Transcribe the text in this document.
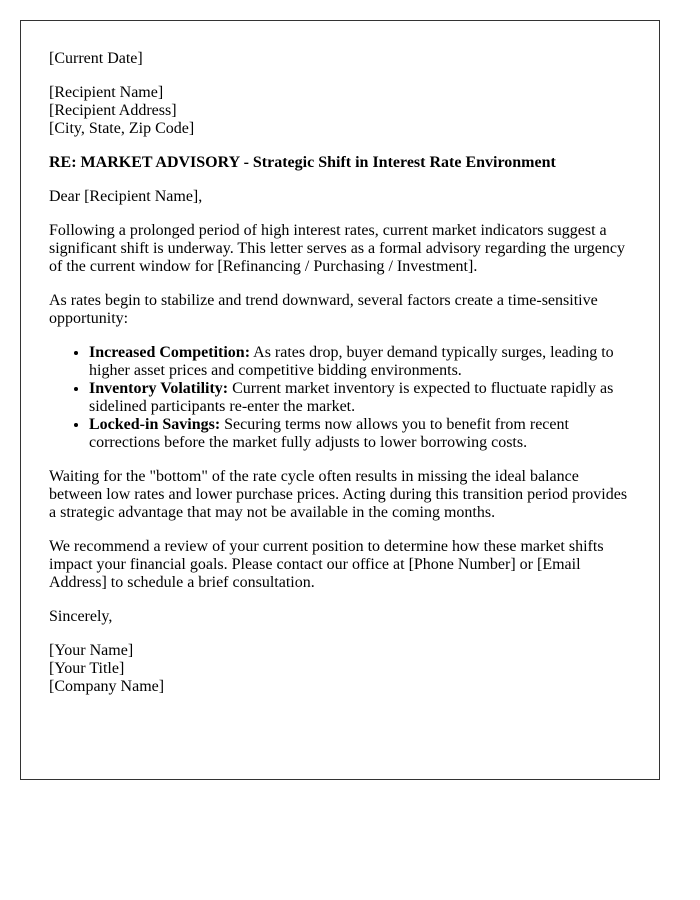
[Current Date]

[Recipient Name]
[Recipient Address]
[City, State, Zip Code]

RE: MARKET ADVISORY - Strategic Shift in Interest Rate Environment

Dear [Recipient Name],

Following a prolonged period of high interest rates, current market indicators suggest a significant shift is underway. This letter serves as a formal advisory regarding the urgency of the current window for [Refinancing / Purchasing / Investment].

As rates begin to stabilize and trend downward, several factors create a time-sensitive opportunity:

• Increased Competition: As rates drop, buyer demand typically surges, leading to higher asset prices and competitive bidding environments.
• Inventory Volatility: Current market inventory is expected to fluctuate rapidly as sidelined participants re-enter the market.
• Locked-in Savings: Securing terms now allows you to benefit from recent corrections before the market fully adjusts to lower borrowing costs.

Waiting for the "bottom" of the rate cycle often results in missing the ideal balance between low rates and lower purchase prices. Acting during this transition period provides a strategic advantage that may not be available in the coming months.

We recommend a review of your current position to determine how these market shifts impact your financial goals. Please contact our office at [Phone Number] or [Email Address] to schedule a brief consultation.

Sincerely,

[Your Name]
[Your Title]
[Company Name]
